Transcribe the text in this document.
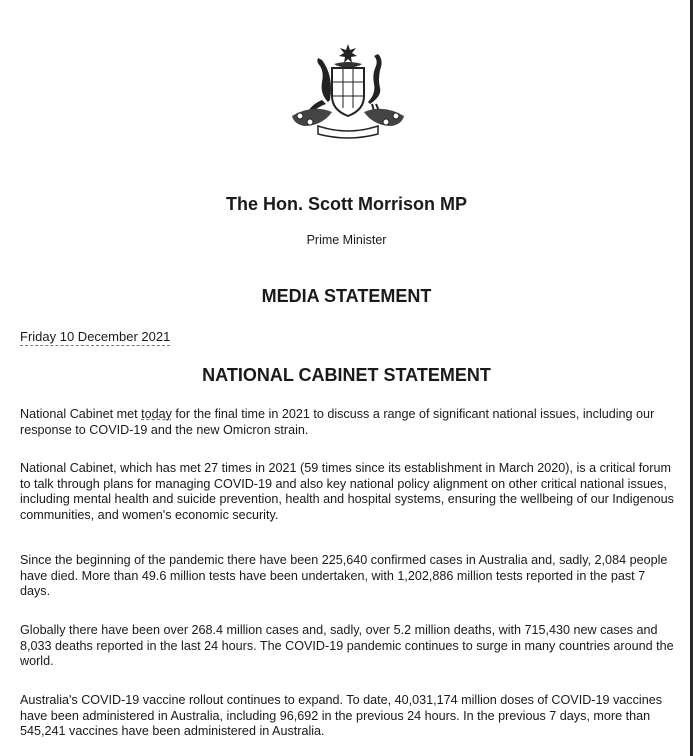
The Hon. Scott Morrison MP
Prime Minister
MEDIA STATEMENT
Friday 10 December 2021
NATIONAL CABINET STATEMENT

National Cabinet met today for the final time in 2021 to discuss a range of significant national issues, including our response to COVID-19 and the new Omicron strain.

National Cabinet, which has met 27 times in 2021 (59 times since its establishment in March 2020), is a critical forum to talk through plans for managing COVID-19 and also key national policy alignment on other critical national issues, including mental health and suicide prevention, health and hospital systems, ensuring the wellbeing of our Indigenous communities, and women's economic security.

Since the beginning of the pandemic there have been 225,640 confirmed cases in Australia and, sadly, 2,084 people have died. More than 49.6 million tests have been undertaken, with 1,202,886 million tests reported in the past 7 days.

Globally there have been over 268.4 million cases and, sadly, over 5.2 million deaths, with 715,430 new cases and 8,033 deaths reported in the last 24 hours. The COVID-19 pandemic continues to surge in many countries around the world.

Australia's COVID-19 vaccine rollout continues to expand. To date, 40,031,174 million doses of COVID-19 vaccines have been administered in Australia, including 96,692 in the previous 24 hours. In the previous 7 days, more than 545,241 vaccines have been administered in Australia.
